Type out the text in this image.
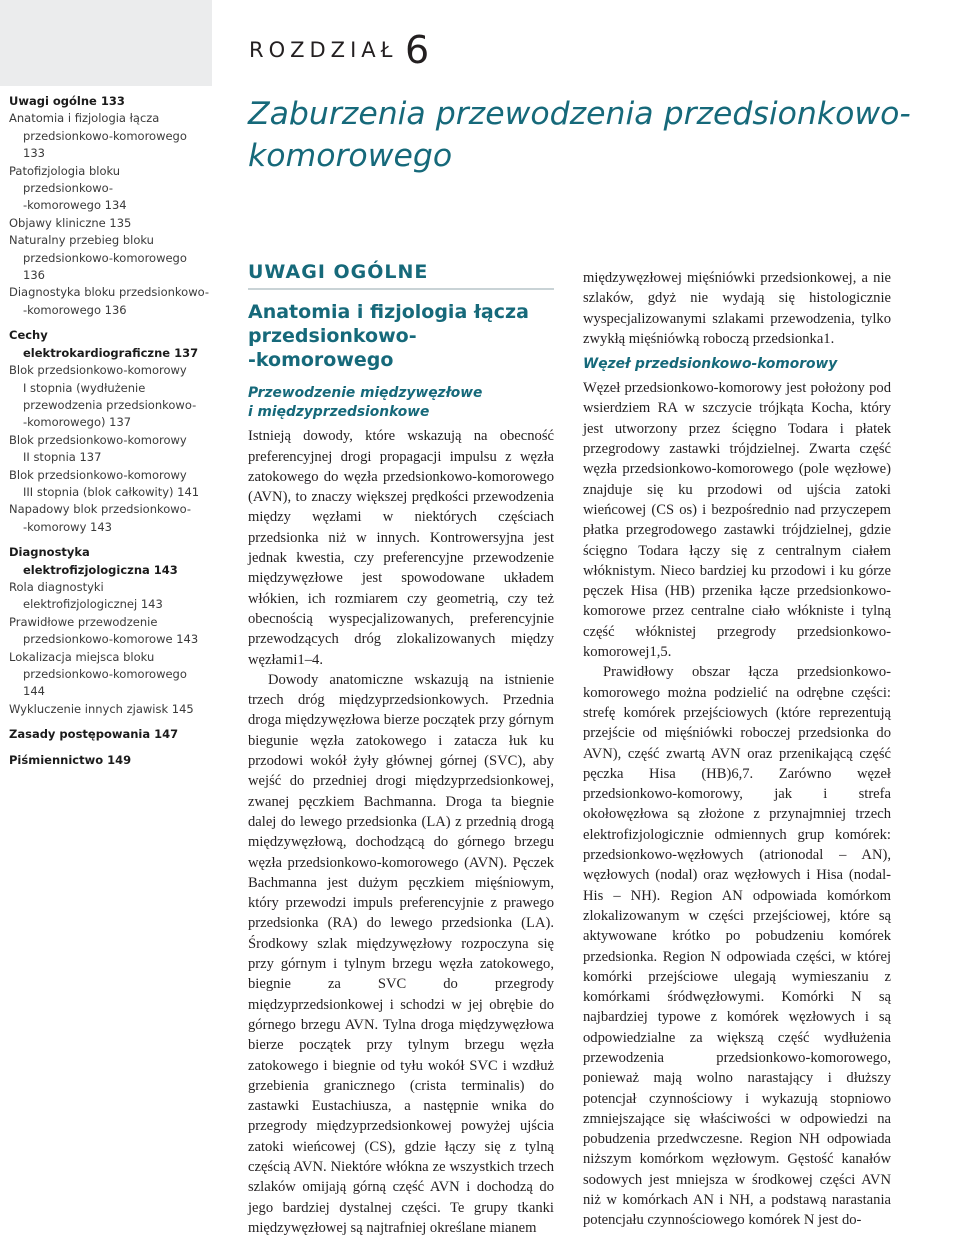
Uwagi ogólne 133
Anatomia i fizjologia łącza
przedsionkowo-komorowego 133
Patofizjologia bloku przedsionkowo-
-komorowego 134
Objawy kliniczne 135
Naturalny przebieg bloku
przedsionkowo-komorowego 136
Diagnostyka bloku przedsionkowo-
-komorowego 136
Cechy
elektrokardiograficzne 137
Blok przedsionkowo-komorowy
I stopnia (wydłużenie
przewodzenia przedsionkowo-
-komorowego) 137
Blok przedsionkowo-komorowy
II stopnia 137
Blok przedsionkowo-komorowy
III stopnia (blok całkowity) 141
Napadowy blok przedsionkowo-
-komorowy 143
Diagnostyka
elektrofizjologiczna 143
Rola diagnostyki
elektrofizjologicznej 143
Prawidłowe przewodzenie
przedsionkowo-komorowe 143
Lokalizacja miejsca bloku
przedsionkowo-komorowego 144
Wykluczenie innych zjawisk 145
Zasady postępowania 147
Piśmiennictwo 149
ROZDZIAŁ 6
Zaburzenia przewodzenia przedsionkowo-komorowego
UWAGI OGÓLNE
Anatomia i fizjologia łącza
przedsionkowo-
-komorowego
Przewodzenie międzywęzłowe
i międzyprzedsionkowe

Istnieją dowody, które wskazują na obecność preferencyjnej drogi propagacji impulsu z węzła zatokowego do węzła przedsionkowo-komorowego (AVN), to znaczy większej prędkości przewodzenia między węzłami w niektórych częściach przedsionka niż w innych. Kontrowersyjna jest jednak kwestia, czy preferencyjne przewodzenie międzywęzłowe jest spowodowane układem włókien, ich rozmiarem czy geometrią, czy też obecnością wyspecjalizowanych, preferencyjnie przewodzących dróg zlokalizowanych między węzłami1–4.

Dowody anatomiczne wskazują na istnienie trzech dróg międzyprzedsionkowych. Przednia droga międzywęzłowa bierze początek przy górnym biegunie węzła zatokowego i zatacza łuk ku przodowi wokół żyły głównej górnej (SVC), aby wejść do przedniej drogi międzyprzedsionkowej, zwanej pęczkiem Bachmanna. Droga ta biegnie dalej do lewego przedsionka (LA) z przednią drogą międzywęzłową, dochodzącą do górnego brzegu węzła przedsionkowo-komorowego (AVN). Pęczek Bachmanna jest dużym pęczkiem mięśniowym, który przewodzi impuls preferencyjnie z prawego przedsionka (RA) do lewego przedsionka (LA). Środkowy szlak międzywęzłowy rozpoczyna się przy górnym i tylnym brzegu węzła zatokowego, biegnie za SVC do przegrody międzyprzedsionkowej i schodzi w jej obrębie do górnego brzegu AVN. Tylna droga międzywęzłowa bierze początek przy tylnym brzegu węzła zatokowego i biegnie od tyłu wokół SVC i wzdłuż grzebienia granicznego (crista terminalis) do zastawki Eustachiusza, a następnie wnika do przegrody międzyprzedsionkowej powyżej ujścia zatoki wieńcowej (CS), gdzie łączy się z tylną częścią AVN. Niektóre włókna ze wszystkich trzech szlaków omijają górną część AVN i dochodzą do jego bardziej dystalnej części. Te grupy tkanki międzywęzłowej są najtrafniej określane mianem

międzywęzłowej mięśniówki przedsionkowej, a nie szlaków, gdyż nie wydają się histologicznie wyspecjalizowanymi szlakami przewodzenia, tylko zwykłą mięśniówką roboczą przedsionka1.

Węzeł przedsionkowo-komorowy

Węzeł przedsionkowo-komorowy jest położony pod wsierdziem RA w szczycie trójkąta Kocha, który jest utworzony przez ścięgno Todara i płatek przegrodowy zastawki trójdzielnej. Zwarta część węzła przedsionkowo-komorowego (pole węzłowe) znajduje się ku przodowi od ujścia zatoki wieńcowej (CS os) i bezpośrednio nad przyczepem płatka przegrodowego zastawki trójdzielnej, gdzie ścięgno Todara łączy się z centralnym ciałem włóknistym. Nieco bardziej ku przodowi i ku górze pęczek Hisa (HB) przenika łącze przedsionkowo-komorowe przez centralne ciało włókniste i tylną część włóknistej przegrody przedsionkowo-komorowej1,5.

Prawidłowy obszar łącza przedsionkowo-komorowego można podzielić na odrębne części: strefę komórek przejściowych (które reprezentują przejście od mięśniówki roboczej przedsionka do AVN), część zwartą AVN oraz przenikającą część pęczka Hisa (HB)6,7. Zarówno węzeł przedsionkowo-komorowy, jak i strefa okołowęzłowa są złożone z przynajmniej trzech elektrofizjologicznie odmiennych grup komórek: przedsionkowo-węzłowych (atrionodal – AN), węzłowych (nodal) oraz węzłowych i Hisa (nodal-His – NH). Region AN odpowiada komórkom zlokalizowanym w części przejściowej, które są aktywowane krótko po pobudzeniu komórek przedsionka. Region N odpowiada części, w której komórki przejściowe ulegają wymieszaniu z komórkami śródwęzłowymi. Komórki N są najbardziej typowe z komórek węzłowych i są odpowiedzialne za większą część wydłużenia przewodzenia przedsionkowo-komorowego, ponieważ mają wolno narastający i dłuższy potencjał czynnościowy i wykazują stopniowo zmniejszające się właściwości w odpowiedzi na pobudzenia przedwczesne. Region NH odpowiada niższym komórkom węzłowym. Gęstość kanałów sodowych jest mniejsza w środkowej części AVN niż w komórkach AN i NH, a podstawą narastania potencjału czynnościowego komórek N jest do-
